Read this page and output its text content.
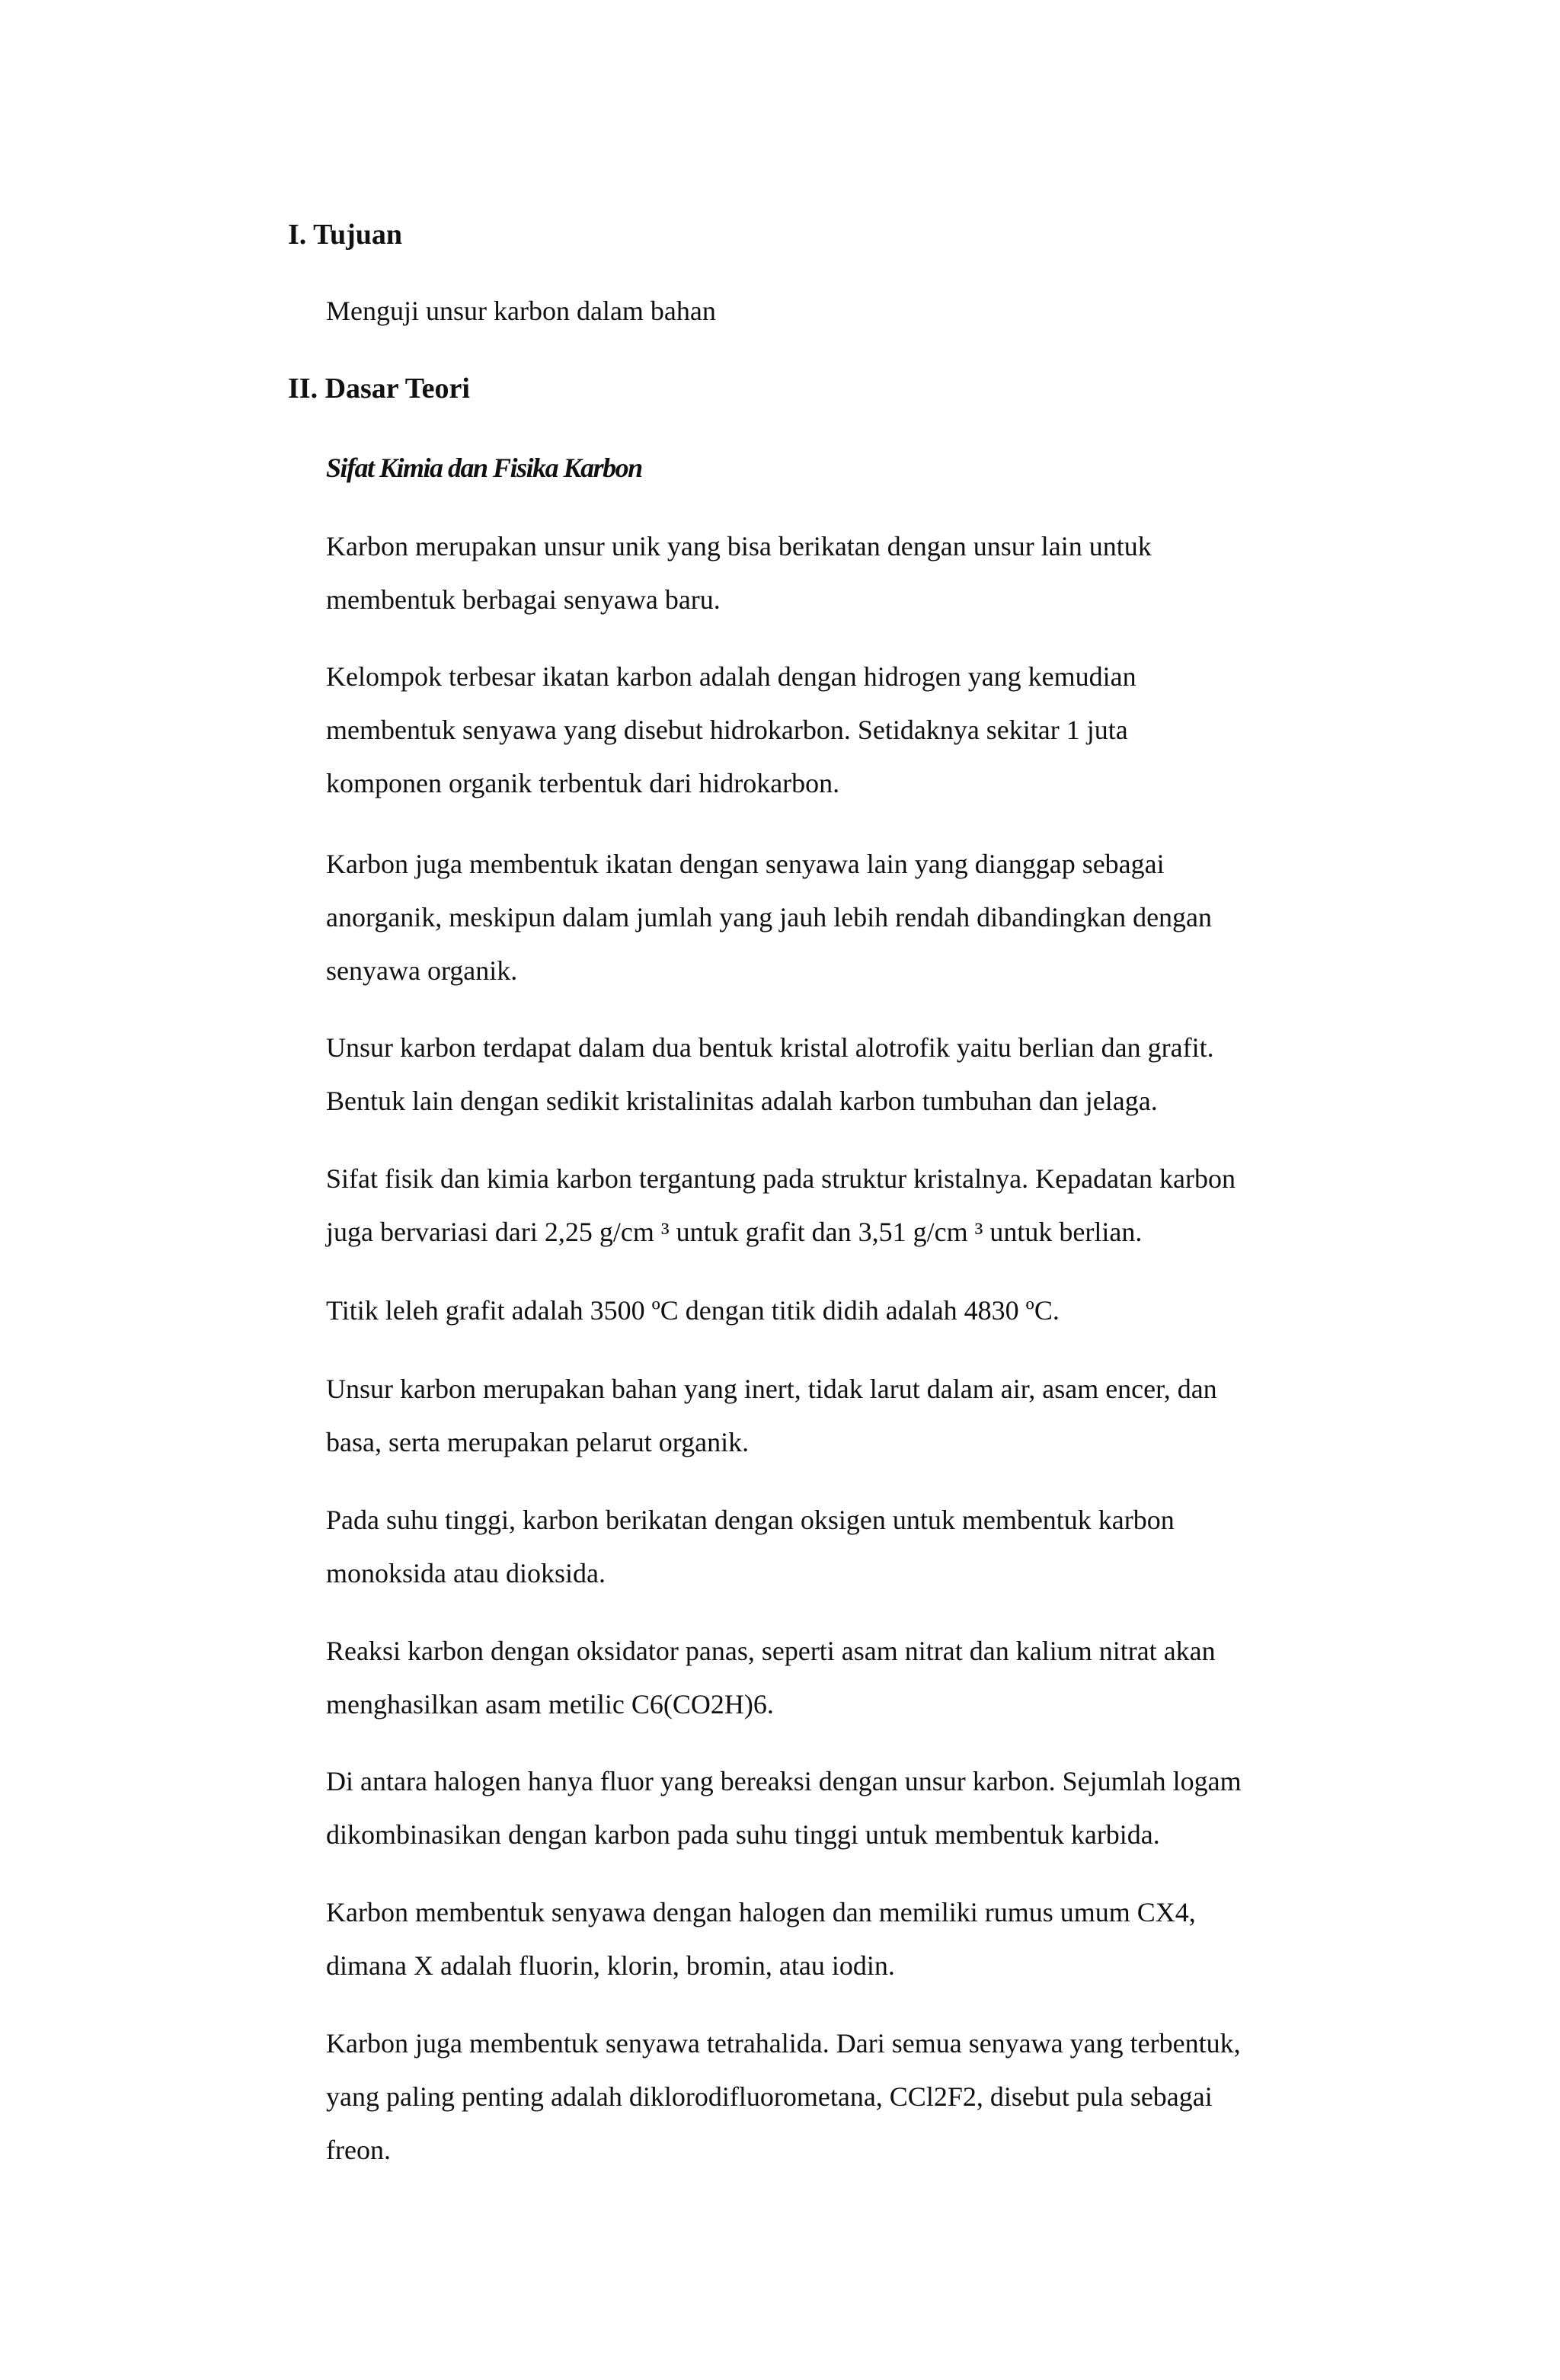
I. Tujuan

Menguji unsur karbon dalam bahan

II. Dasar Teori
Sifat Kimia dan Fisika Karbon

Karbon merupakan unsur unik yang bisa berikatan dengan unsur lain untuk
membentuk berbagai senyawa baru.

Kelompok terbesar ikatan karbon adalah dengan hidrogen yang kemudian
membentuk senyawa yang disebut hidrokarbon. Setidaknya sekitar 1 juta
komponen organik terbentuk dari hidrokarbon.

Karbon juga membentuk ikatan dengan senyawa lain yang dianggap sebagai
anorganik, meskipun dalam jumlah yang jauh lebih rendah dibandingkan dengan
senyawa organik.

Unsur karbon terdapat dalam dua bentuk kristal alotrofik yaitu berlian dan grafit.
Bentuk lain dengan sedikit kristalinitas adalah karbon tumbuhan dan jelaga.

Sifat fisik dan kimia karbon tergantung pada struktur kristalnya. Kepadatan karbon
juga bervariasi dari 2,25 g/cm ³ untuk grafit dan 3,51 g/cm ³ untuk berlian.

Titik leleh grafit adalah 3500 ºC dengan titik didih adalah 4830 ºC.

Unsur karbon merupakan bahan yang inert, tidak larut dalam air, asam encer, dan
basa, serta merupakan pelarut organik.

Pada suhu tinggi, karbon berikatan dengan oksigen untuk membentuk karbon
monoksida atau dioksida.

Reaksi karbon dengan oksidator panas, seperti asam nitrat dan kalium nitrat akan
menghasilkan asam metilic C6(CO2H)6.

Di antara halogen hanya fluor yang bereaksi dengan unsur karbon. Sejumlah logam
dikombinasikan dengan karbon pada suhu tinggi untuk membentuk karbida.

Karbon membentuk senyawa dengan halogen dan memiliki rumus umum CX4,
dimana X adalah fluorin, klorin, bromin, atau iodin.

Karbon juga membentuk senyawa tetrahalida. Dari semua senyawa yang terbentuk,
yang paling penting adalah diklorodifluorometana, CCl2F2, disebut pula sebagai
freon.
